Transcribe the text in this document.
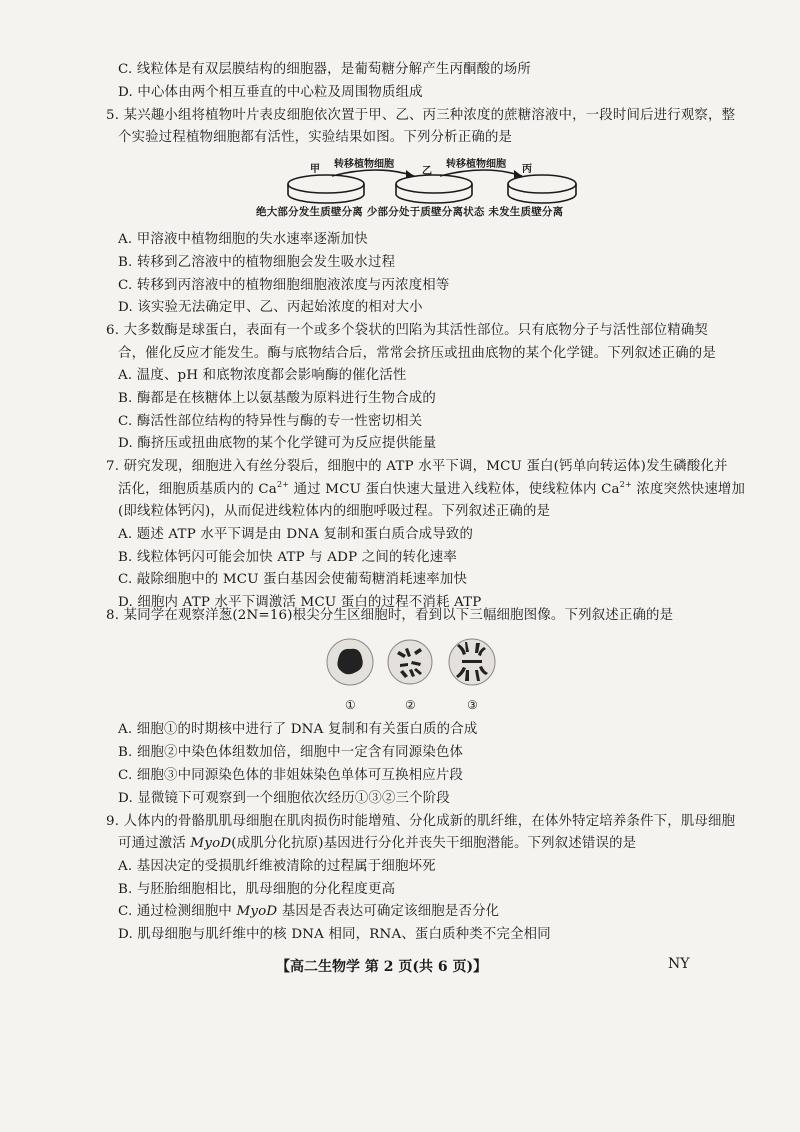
C. 线粒体是有双层膜结构的细胞器，是葡萄糖分解产生丙酮酸的场所
D. 中心体由两个相互垂直的中心粒及周围物质组成
5. 某兴趣小组将植物叶片表皮细胞依次置于甲、乙、丙三种浓度的蔗糖溶液中，一段时间后进行观察，整
个实验过程植物细胞都有活性，实验结果如图。下列分析正确的是
甲 转移植物细胞
乙
转移植物细胞 丙
绝大部分发生质壁分离 少部分处于质壁分离状态 未发生质壁分离
A. 甲溶液中植物细胞的失水速率逐渐加快
B. 转移到乙溶液中的植物细胞会发生吸水过程
C. 转移到丙溶液中的植物细胞细胞液浓度与丙浓度相等
D. 该实验无法确定甲、乙、丙起始浓度的相对大小
6. 大多数酶是球蛋白，表面有一个或多个袋状的凹陷为其活性部位。只有底物分子与活性部位精确契
合，催化反应才能发生。酶与底物结合后，常常会挤压或扭曲底物的某个化学键。下列叙述正确的是
A. 温度、pH 和底物浓度都会影响酶的催化活性
B. 酶都是在核糖体上以氨基酸为原料进行生物合成的
C. 酶活性部位结构的特异性与酶的专一性密切相关
D. 酶挤压或扭曲底物的某个化学键可为反应提供能量
7. 研究发现，细胞进入有丝分裂后，细胞中的 ATP 水平下调，MCU 蛋白(钙单向转运体)发生磷酸化并
活化，细胞质基质内的 $Ca^{2+}$ 通过 MCU 蛋白快速大量进入线粒体，使线粒体内 $Ca^{2+}$ 浓度突然快速增加
(即线粒体钙闪)，从而促进线粒体内的细胞呼吸过程。下列叙述正确的是
A. 题述 ATP 水平下调是由 DNA 复制和蛋白质合成导致的
B. 线粒体钙闪可能会加快 ATP 与 ADP 之间的转化速率
C. 敲除细胞中的 MCU 蛋白基因会使葡萄糖消耗速率加快
D. 细胞内 ATP 水平下调激活 MCU 蛋白的过程不消耗 ATP
8. 某同学在观察洋葱(2N=16)根尖分生区细胞时，看到以下三幅细胞图像。下列叙述正确的是
①	②	③
A. 细胞①的时期核中进行了 DNA 复制和有关蛋白质的合成
B. 细胞②中染色体组数加倍，细胞中一定含有同源染色体
C. 细胞③中同源染色体的非姐妹染色单体可互换相应片段
D. 显微镜下可观察到一个细胞依次经历①③②三个阶段
9. 人体内的骨骼肌肌母细胞在肌肉损伤时能增殖、分化成新的肌纤维，在体外特定培养条件下，肌母细胞
可通过激活 MyoD(成肌分化抗原)基因进行分化并丧失干细胞潜能。下列叙述错误的是
A. 基因决定的受损肌纤维被清除的过程属于细胞坏死
B. 与胚胎细胞相比，肌母细胞的分化程度更高
C. 通过检测细胞中 MyoD 基因是否表达可确定该细胞是否分化
D. 肌母细胞与肌纤维中的核 DNA 相同，RNA、蛋白质种类不完全相同
【高二生物学 第 2 页(共 6 页)】	NY
